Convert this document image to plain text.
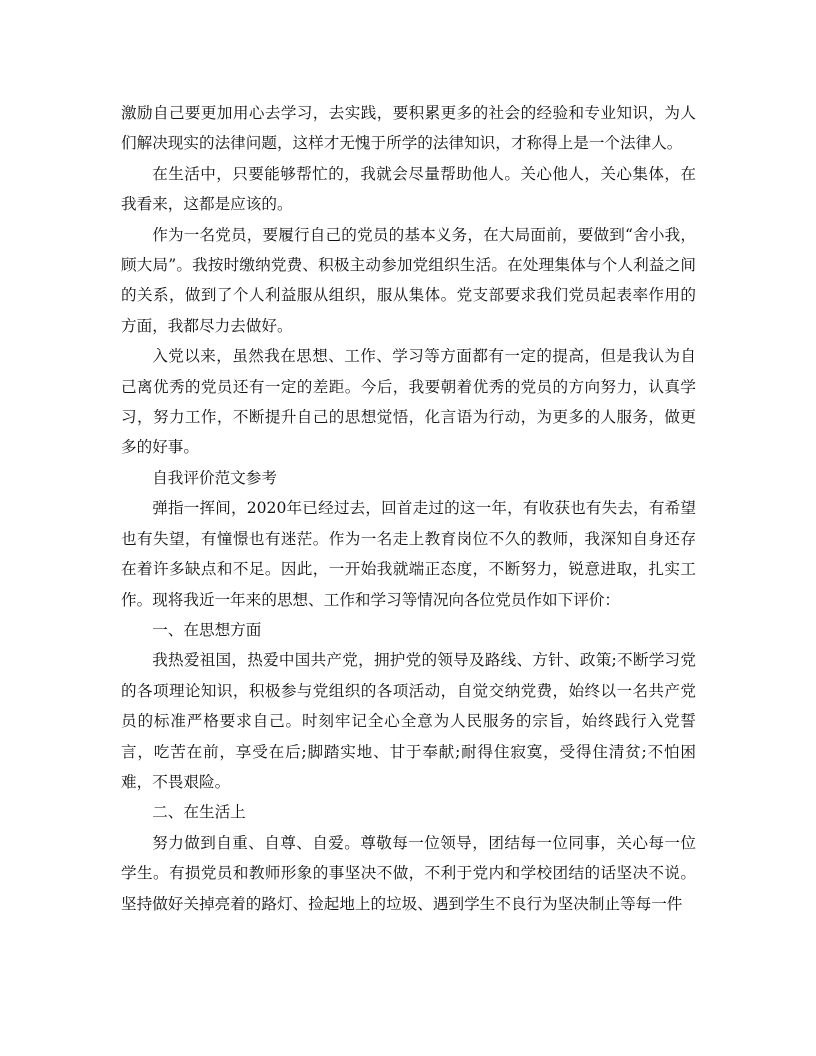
激励自己要更加用心去学习，去实践，要积累更多的社会的经验和专业知识，为人们解决现实的法律问题，这样才无愧于所学的法律知识，才称得上是一个法律人。

在生活中，只要能够帮忙的，我就会尽量帮助他人。关心他人，关心集体，在我看来，这都是应该的。

作为一名党员，要履行自己的党员的基本义务，在大局面前，要做到“舍小我，顾大局”。我按时缴纳党费、积极主动参加党组织生活。在处理集体与个人利益之间的关系，做到了个人利益服从组织，服从集体。党支部要求我们党员起表率作用的方面，我都尽力去做好。

入党以来，虽然我在思想、工作、学习等方面都有一定的提高，但是我认为自己离优秀的党员还有一定的差距。今后，我要朝着优秀的党员的方向努力，认真学习，努力工作，不断提升自己的思想觉悟，化言语为行动，为更多的人服务，做更多的好事。

自我评价范文参考

弹指一挥间，2020年已经过去，回首走过的这一年，有收获也有失去，有希望也有失望，有憧憬也有迷茫。作为一名走上教育岗位不久的教师，我深知自身还存在着许多缺点和不足。因此，一开始我就端正态度，不断努力，锐意进取，扎实工作。现将我近一年来的思想、工作和学习等情况向各位党员作如下评价：

一、在思想方面

我热爱祖国，热爱中国共产党，拥护党的领导及路线、方针、政策;不断学习党的各项理论知识，积极参与党组织的各项活动，自觉交纳党费，始终以一名共产党员的标准严格要求自己。时刻牢记全心全意为人民服务的宗旨，始终践行入党誓言，吃苦在前，享受在后;脚踏实地、甘于奉献;耐得住寂寞，受得住清贫;不怕困难，不畏艰险。

二、在生活上

努力做到自重、自尊、自爱。尊敬每一位领导，团结每一位同事，关心每一位学生。有损党员和教师形象的事坚决不做，不利于党内和学校团结的话坚决不说。坚持做好关掉亮着的路灯、捡起地上的垃圾、遇到学生不良行为坚决制止等每一件
